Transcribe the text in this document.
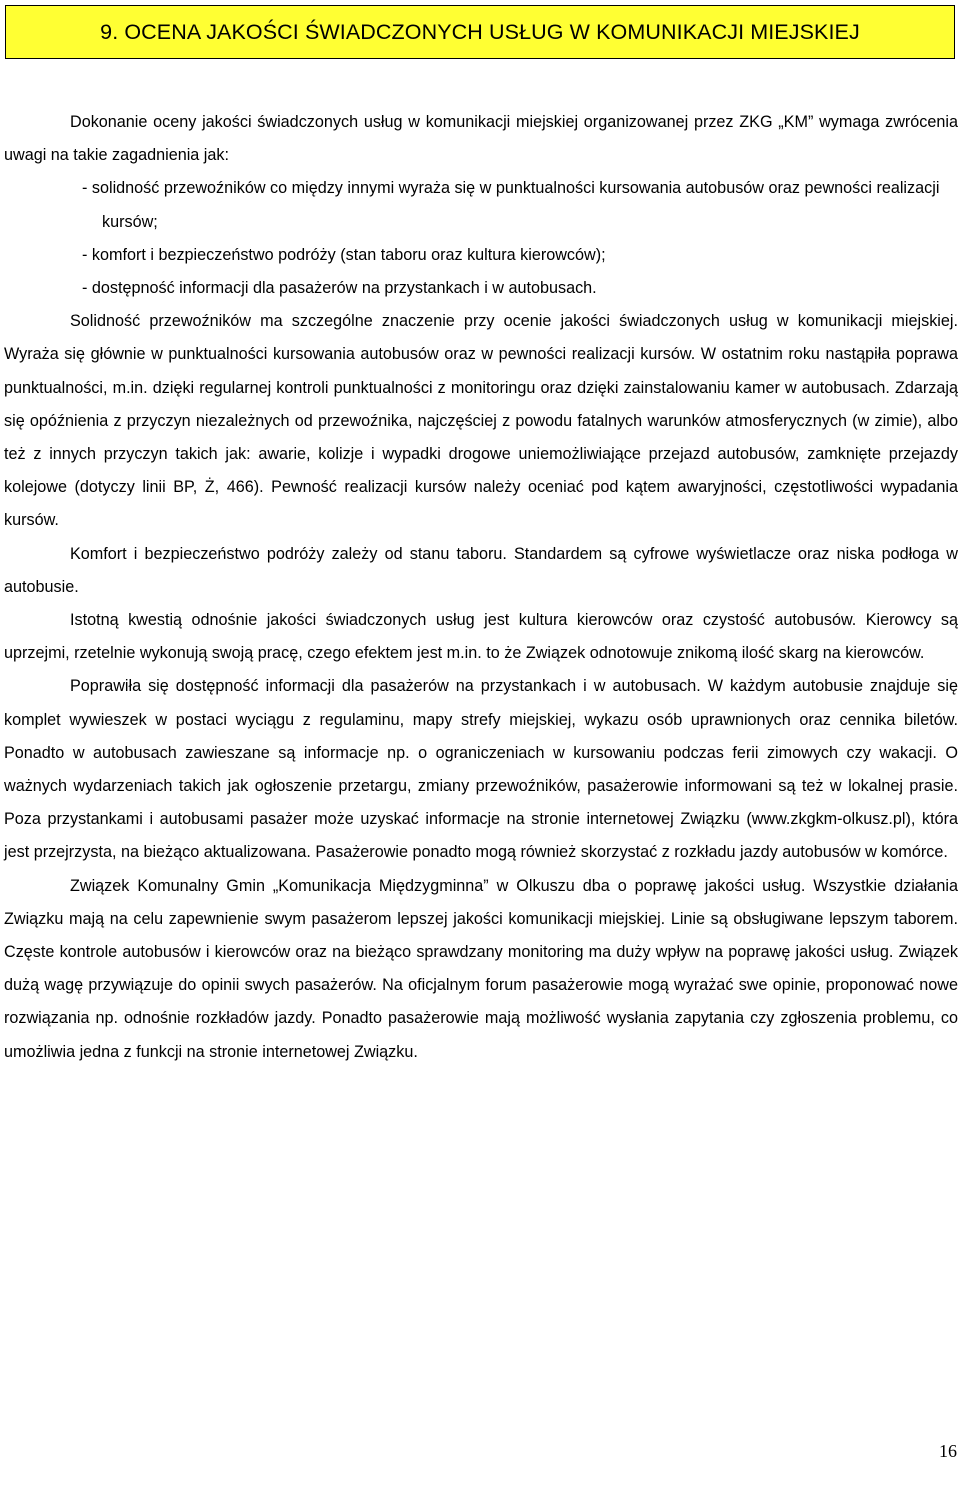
9. OCENA JAKOŚCI ŚWIADCZONYCH USŁUG W KOMUNIKACJI MIEJSKIEJ

Dokonanie oceny jakości świadczonych usług w komunikacji miejskiej organizowanej przez ZKG „KM” wymaga zwrócenia uwagi na takie zagadnienia jak:

- solidność przewoźników co między innymi wyraża się w punktualności kursowania autobusów oraz pewności realizacji kursów;
- komfort i bezpieczeństwo podróży (stan taboru oraz kultura kierowców);
- dostępność informacji dla pasażerów na przystankach i w autobusach.

Solidność przewoźników ma szczególne znaczenie przy ocenie jakości świadczonych usług w komunikacji miejskiej. Wyraża się głównie w punktualności kursowania autobusów oraz w pewności realizacji kursów. W ostatnim roku nastąpiła poprawa punktualności, m.in. dzięki regularnej kontroli punktualności z monitoringu oraz dzięki zainstalowaniu kamer w autobusach. Zdarzają się opóźnienia z przyczyn niezależnych od przewoźnika, najczęściej z powodu fatalnych warunków atmosferycznych (w zimie), albo też z innych przyczyn takich jak: awarie, kolizje i wypadki drogowe uniemożliwiające przejazd autobusów, zamknięte przejazdy kolejowe (dotyczy linii BP, Ż, 466). Pewność realizacji kursów należy oceniać pod kątem awaryjności, częstotliwości wypadania kursów.

Komfort i bezpieczeństwo podróży zależy od stanu taboru. Standardem są cyfrowe wyświetlacze oraz niska podłoga w autobusie.

Istotną kwestią odnośnie jakości świadczonych usług jest kultura kierowców oraz czystość autobusów. Kierowcy są uprzejmi, rzetelnie wykonują swoją pracę, czego efektem jest m.in. to że Związek odnotowuje znikomą ilość skarg na kierowców.

Poprawiła się dostępność informacji dla pasażerów na przystankach i w autobusach. W każdym autobusie znajduje się komplet wywieszek w postaci wyciągu z regulaminu, mapy strefy miejskiej, wykazu osób uprawnionych oraz cennika biletów. Ponadto w autobusach zawieszane są informacje np. o ograniczeniach w kursowaniu podczas ferii zimowych czy wakacji. O ważnych wydarzeniach takich jak ogłoszenie przetargu, zmiany przewoźników, pasażerowie informowani są też w lokalnej prasie. Poza przystankami i autobusami pasażer może uzyskać informacje na stronie internetowej Związku (www.zkgkm-olkusz.pl), która jest przejrzysta, na bieżąco aktualizowana. Pasażerowie ponadto mogą również skorzystać z rozkładu jazdy autobusów w komórce.

Związek Komunalny Gmin „Komunikacja Międzygminna” w Olkuszu dba o poprawę jakości usług. Wszystkie działania Związku mają na celu zapewnienie swym pasażerom lepszej jakości komunikacji miejskiej. Linie są obsługiwane lepszym taborem. Częste kontrole autobusów i kierowców oraz na bieżąco sprawdzany monitoring ma duży wpływ na poprawę jakości usług. Związek dużą wagę przywiązuje do opinii swych pasażerów. Na oficjalnym forum pasażerowie mogą wyrażać swe opinie, proponować nowe rozwiązania np. odnośnie rozkładów jazdy. Ponadto pasażerowie mają możliwość wysłania zapytania czy zgłoszenia problemu, co umożliwia jedna z funkcji na stronie internetowej Związku.

16
